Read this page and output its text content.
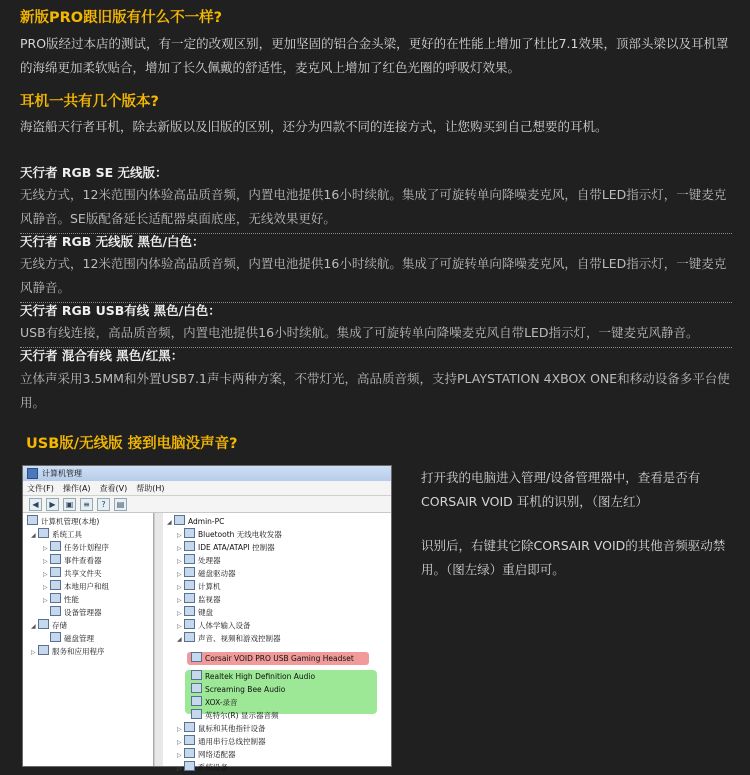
新版PRO跟旧版有什么不一样?
PRO版经过本店的测试，有一定的改观区别，更加坚固的铝合金头梁，更好的在性能上增加了杜比7.1效果，顶部头梁以及耳机罩的海绵更加柔软贴合，增加了长久佩戴的舒适性，麦克风上增加了红色光圈的呼吸灯效果。
耳机一共有几个版本?
海盗船天行者耳机，除去新版以及旧版的区别，还分为四款不同的连接方式，让您购买到自己想要的耳机。
天行者 RGB SE 无线版：
无线方式，12米范围内体验高品质音频，内置电池提供16小时续航。集成了可旋转单向降噪麦克风，自带LED指示灯，一键麦克风静音。SE版配备延长适配器桌面底座，无线效果更好。
天行者 RGB 无线版 黑色/白色：
无线方式，12米范围内体验高品质音频，内置电池提供16小时续航。集成了可旋转单向降噪麦克风，自带LED指示灯，一键麦克风静音。
天行者 RGB USB有线 黑色/白色：
USB有线连接，高品质音频，内置电池提供16小时续航。集成了可旋转单向降噪麦克风自带LED指示灯，一键麦克风静音。
天行者 混合有线 黑色/红黑：
立体声采用3.5MM和外置USB7.1声卡两种方案，不带灯光，高品质音频，支持PLAYSTATION 4XBOX ONE和移动设备多平台使用。
USB版/无线版 接到电脑没声音?
计算机管理
文件(F) 操作(A) 查看(V) 帮助(H)
◀	▶	▣	≡	?	▤
计算机管理(本地)
◢ 系统工具
▷ 任务计划程序
▷ 事件查看器
▷ 共享文件夹
▷ 本地用户和组
▷ 性能
设备管理器
◢ 存储
磁盘管理
▷ 服务和应用程序
◢ Admin-PC
▷ Bluetooth 无线电收发器
▷ IDE ATA/ATAPI 控制器
▷ 处理器
▷ 磁盘驱动器
▷ 计算机
▷ 监视器
▷ 键盘
▷ 人体学输入设备
◢ 声音、视频和游戏控制器
Corsair VOID PRO USB Gaming Headset
Realtek High Definition Audio
Screaming Bee Audio
XOX-录音
英特尔(R) 显示器音频
▷ 鼠标和其他指针设备
▷ 通用串行总线控制器
▷ 网络适配器
▷ 系统设备
打开我的电脑进入管理/设备管理器中，查看是否有CORSAIR VOID 耳机的识别，（图左红）
识别后，右键其它除CORSAIR VOID的其他音频驱动禁用。（图左绿）重启即可。
